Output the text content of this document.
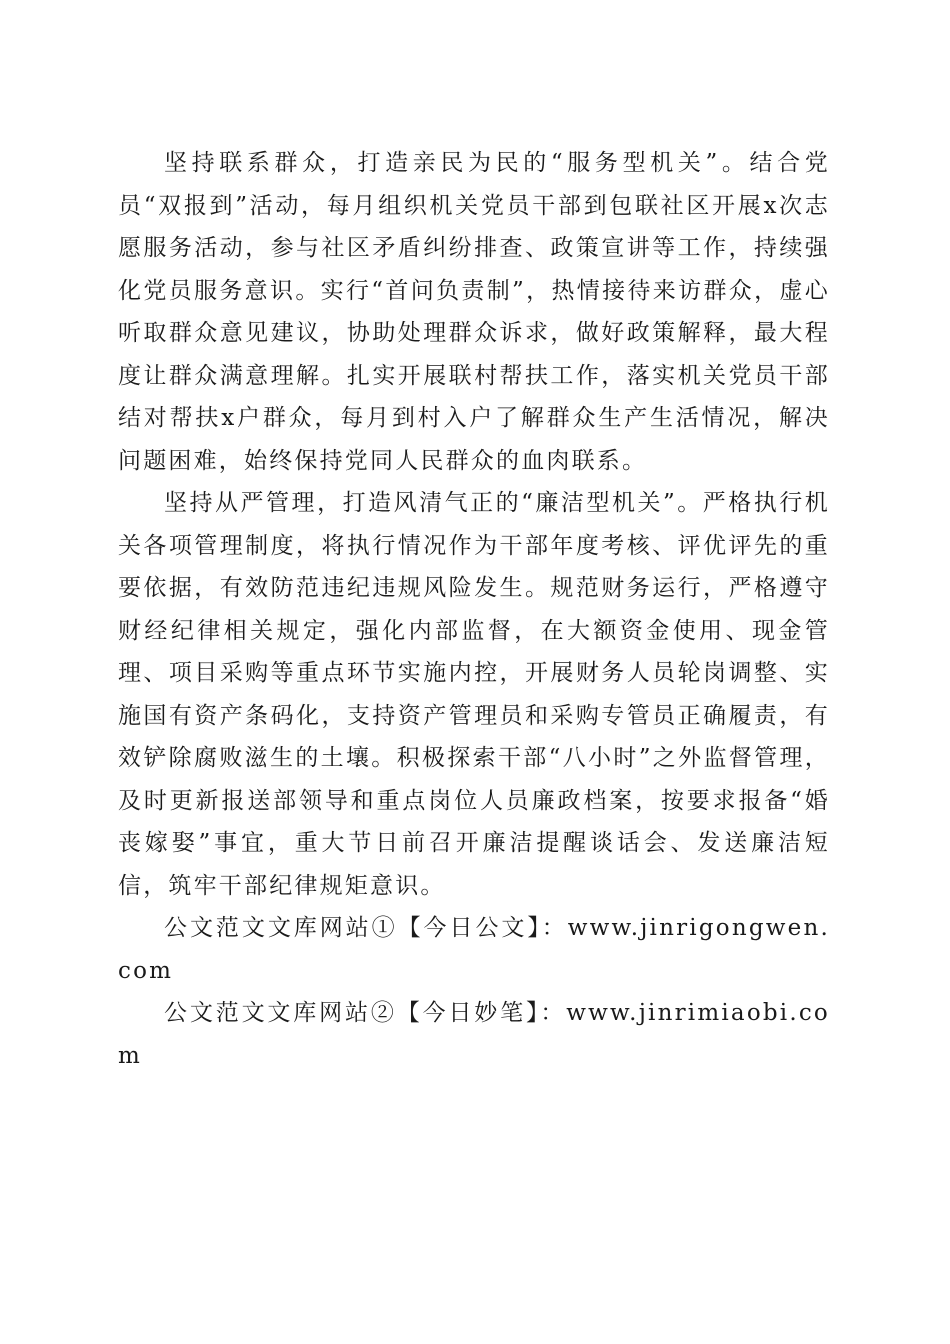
坚持联系群众，打造亲民为民的“服务型机关”。结合党员“双报到”活动，每月组织机关党员干部到包联社区开展x次志愿服务活动，参与社区矛盾纠纷排查、政策宣讲等工作，持续强化党员服务意识。实行“首问负责制”，热情接待来访群众，虚心听取群众意见建议，协助处理群众诉求，做好政策解释，最大程度让群众满意理解。扎实开展联村帮扶工作，落实机关党员干部结对帮扶x户群众，每月到村入户了解群众生产生活情况，解决问题困难，始终保持党同人民群众的血肉联系。

坚持从严管理，打造风清气正的“廉洁型机关”。严格执行机关各项管理制度，将执行情况作为干部年度考核、评优评先的重要依据，有效防范违纪违规风险发生。规范财务运行，严格遵守财经纪律相关规定，强化内部监督，在大额资金使用、现金管理、项目采购等重点环节实施内控，开展财务人员轮岗调整、实施国有资产条码化，支持资产管理员和采购专管员正确履责，有效铲除腐败滋生的土壤。积极探索干部“八小时”之外监督管理，及时更新报送部领导和重点岗位人员廉政档案，按要求报备“婚丧嫁娶”事宜，重大节日前召开廉洁提醒谈话会、发送廉洁短信，筑牢干部纪律规矩意识。

公文范文文库网站①【今日公文】：www.jinrigongwen.com

公文范文文库网站②【今日妙笔】：www.jinrimiaobi.com
